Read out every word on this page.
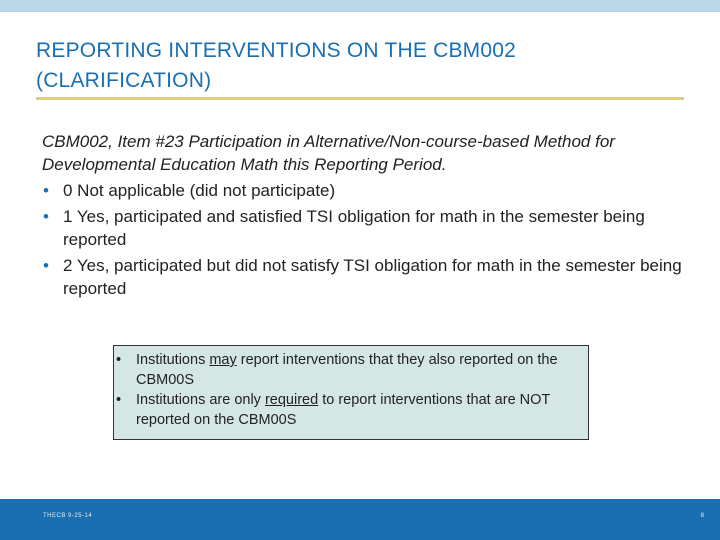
REPORTING INTERVENTIONS ON THE CBM002
(CLARIFICATION)

CBM002, Item #23 Participation in Alternative/Non-course-based Method for Developmental Education Math this Reporting Period.

• 0 Not applicable (did not participate)
• 1 Yes, participated and satisfied TSI obligation for math in the semester being reported
• 2 Yes, participated but did not satisfy TSI obligation for math in the semester being reported
• Institutions may report interventions that they also reported on the CBM00S
• Institutions are only required to report interventions that are NOT reported on the CBM00S
THECB 9-25-14	8
